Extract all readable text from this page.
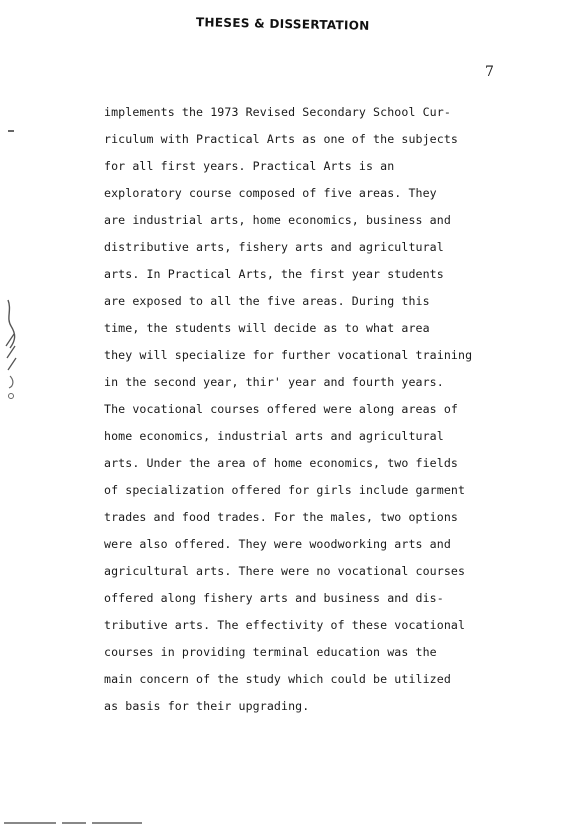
THESES & DISSERTATION
7
implements the 1973 Revised Secondary School Cur-
riculum with Practical Arts as one of the subjects
for all first years. Practical Arts is an
exploratory course composed of five areas. They
are industrial arts, home economics, business and
distributive arts, fishery arts and agricultural
arts. In Practical Arts, the first year students
are exposed to all the five areas. During this
time, the students will decide as to what area
they will specialize for further vocational training
in the second year, thir' year and fourth years.
The vocational courses offered were along areas of
home economics, industrial arts and agricultural
arts. Under the area of home economics, two fields
of specialization offered for girls include garment
trades and food trades. For the males, two options
were also offered. They were woodworking arts and
agricultural arts. There were no vocational courses
offered along fishery arts and business and dis-
tributive arts. The effectivity of these vocational
courses in providing terminal education was the
main concern of the study which could be utilized
as basis for their upgrading.
